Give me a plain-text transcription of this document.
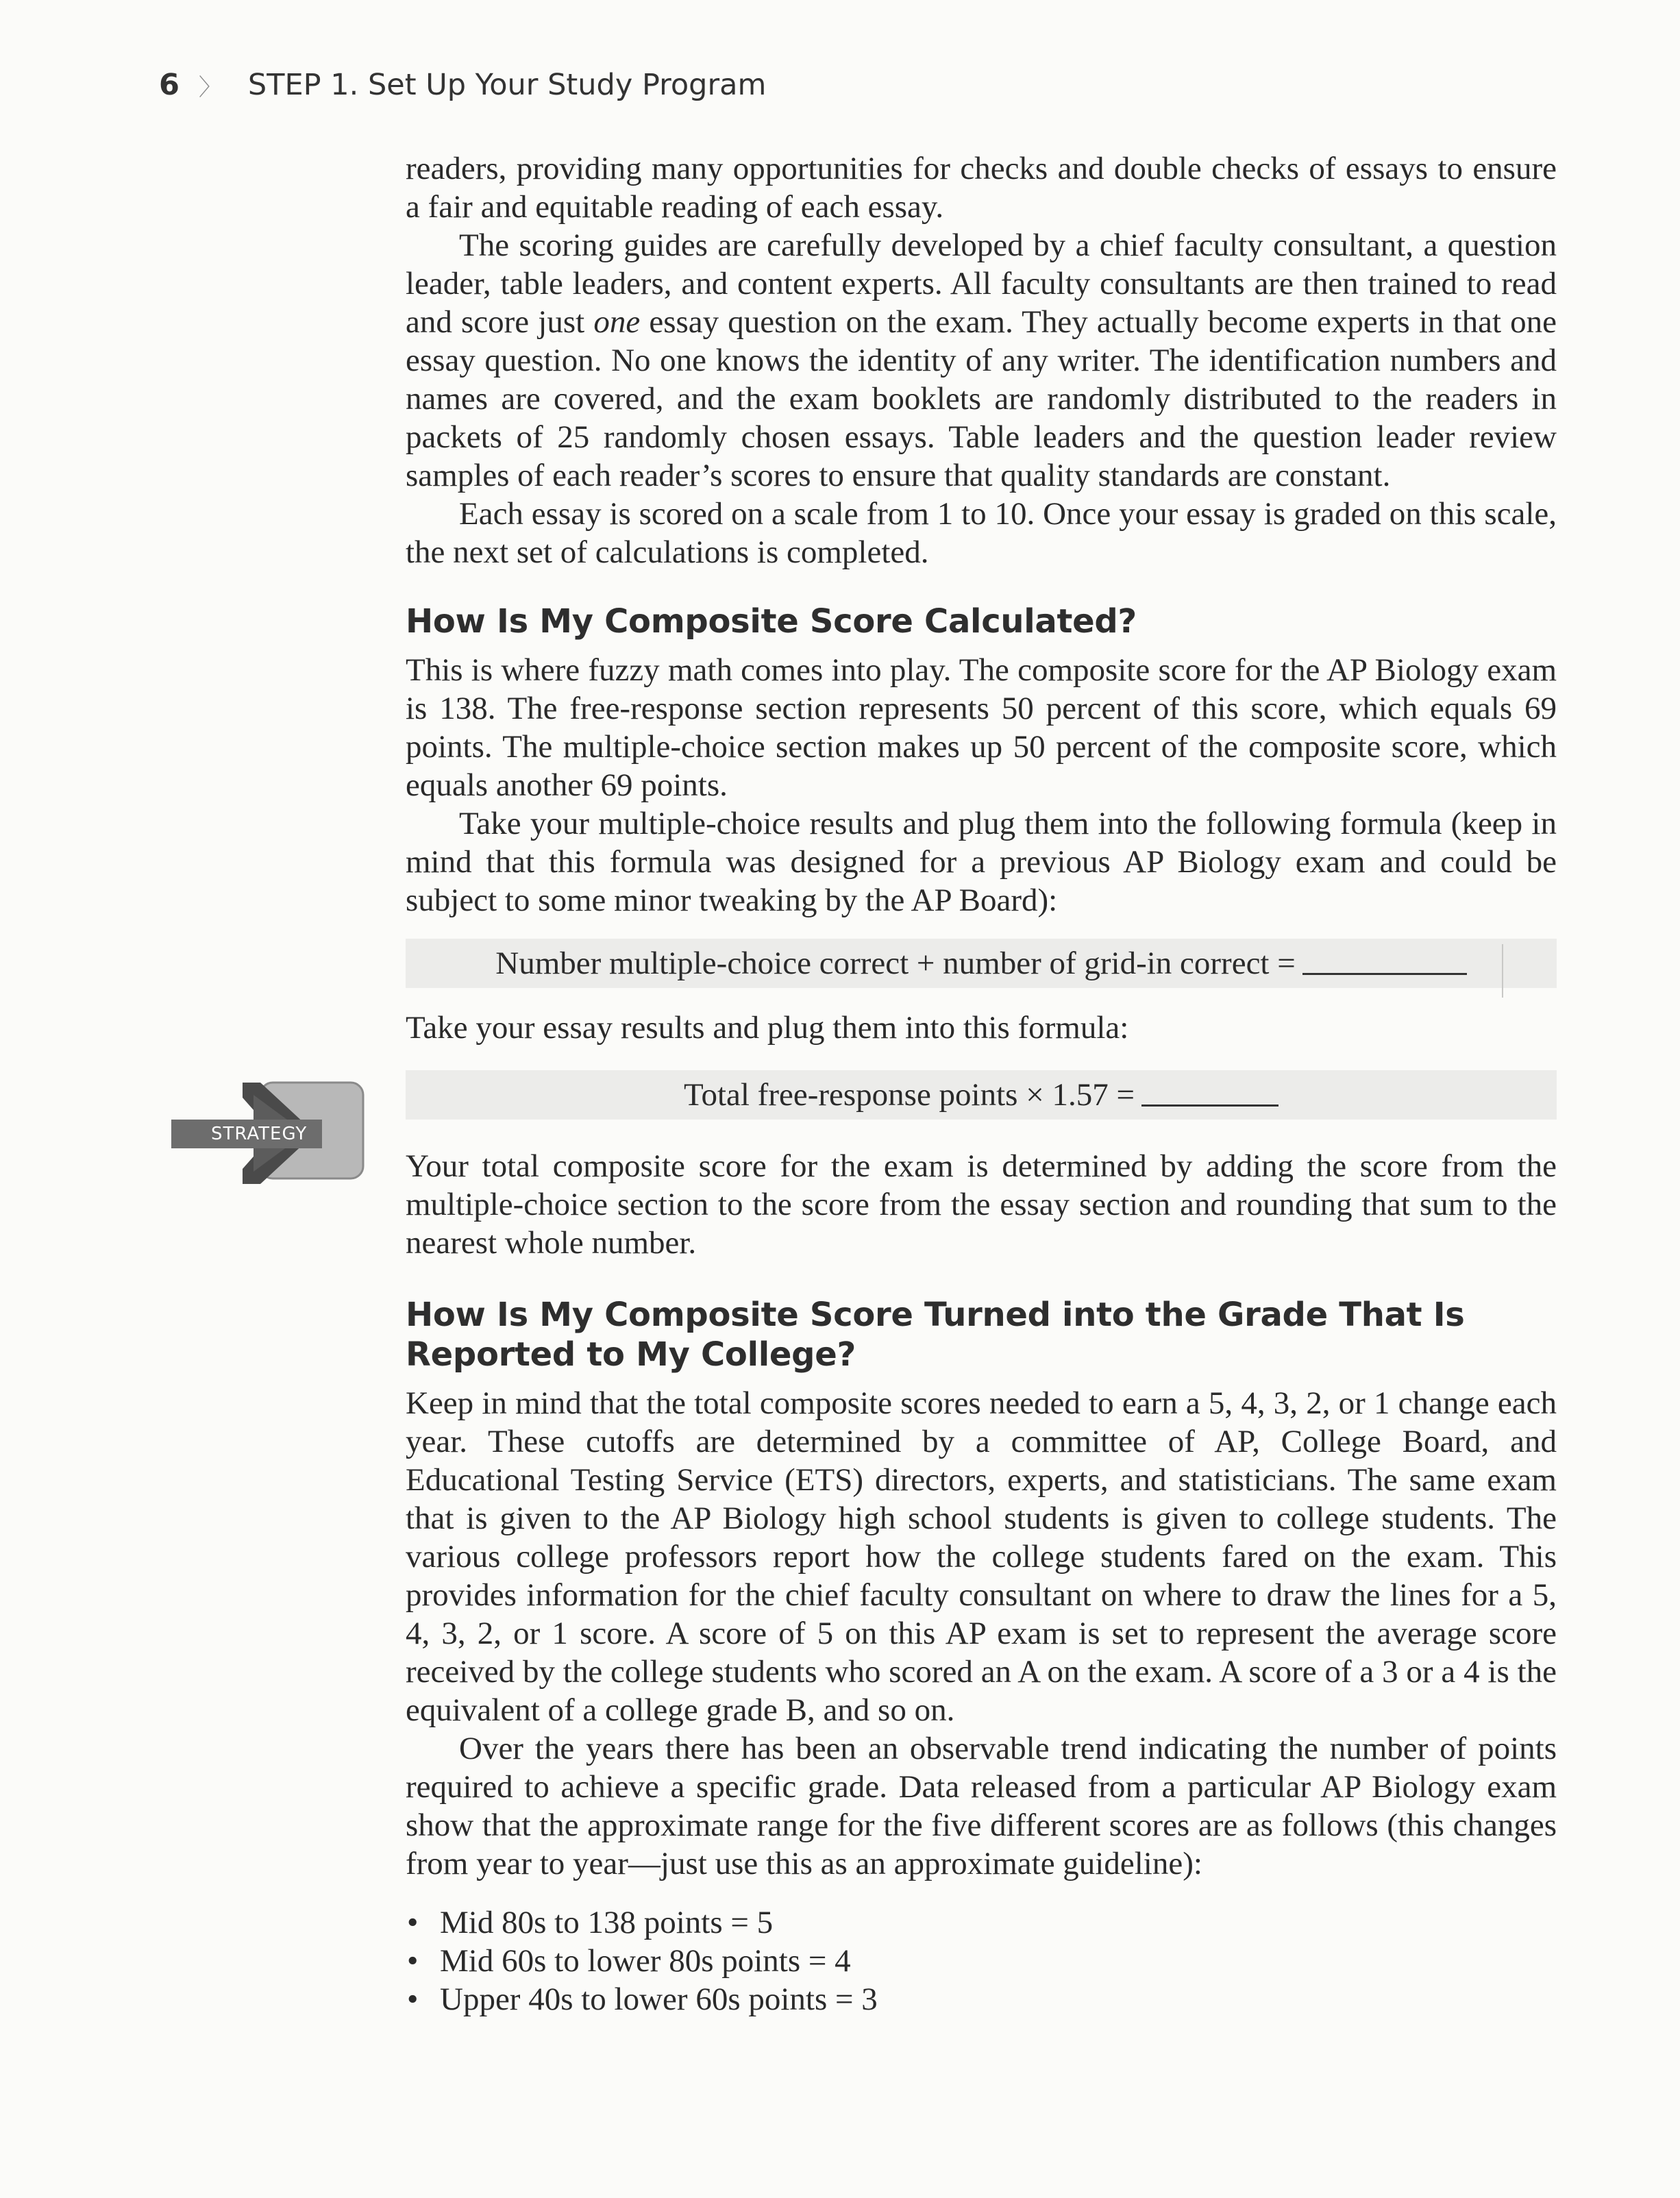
6 〉 STEP 1. Set Up Your Study Program
STRATEGY

readers, providing many opportunities for checks and double checks of essays to ensure a fair and equitable reading of each essay.

The scoring guides are carefully developed by a chief faculty consultant, a question leader, table leaders, and content experts. All faculty consultants are then trained to read and score just one essay question on the exam. They actually become experts in that one essay question. No one knows the identity of any writer. The identification numbers and names are covered, and the exam booklets are randomly distributed to the readers in packets of 25 randomly chosen essays. Table leaders and the question leader review samples of each reader’s scores to ensure that quality standards are constant.

Each essay is scored on a scale from 1 to 10. Once your essay is graded on this scale, the next set of calculations is completed.

How Is My Composite Score Calculated?

This is where fuzzy math comes into play. The composite score for the AP Biology exam is 138. The free-response section represents 50 percent of this score, which equals 69 points. The multiple-choice section makes up 50 percent of the composite score, which equals another 69 points.

Take your multiple-choice results and plug them into the following formula (keep in mind that this formula was designed for a previous AP Biology exam and could be subject to some minor tweaking by the AP Board):

Number multiple-choice correct + number of grid-in correct =

Take your essay results and plug them into this formula:

Total free-response points × 1.57 =

Your total composite score for the exam is determined by adding the score from the multiple-choice section to the score from the essay section and rounding that sum to the nearest whole number.

How Is My Composite Score Turned into the Grade That Is Reported to My College?

Keep in mind that the total composite scores needed to earn a 5, 4, 3, 2, or 1 change each year. These cutoffs are determined by a committee of AP, College Board, and Educational Testing Service (ETS) directors, experts, and statisticians. The same exam that is given to the AP Biology high school students is given to college students. The various college professors report how the college students fared on the exam. This provides information for the chief faculty consultant on where to draw the lines for a 5, 4, 3, 2, or 1 score. A score of 5 on this AP exam is set to represent the average score received by the college students who scored an A on the exam. A score of a 3 or a 4 is the equivalent of a college grade B, and so on.

Over the years there has been an observable trend indicating the number of points required to achieve a specific grade. Data released from a particular AP Biology exam show that the approximate range for the five different scores are as follows (this changes from year to year—just use this as an approximate guideline):

• Mid 80s to 138 points = 5
• Mid 60s to lower 80s points = 4
• Upper 40s to lower 60s points = 3
